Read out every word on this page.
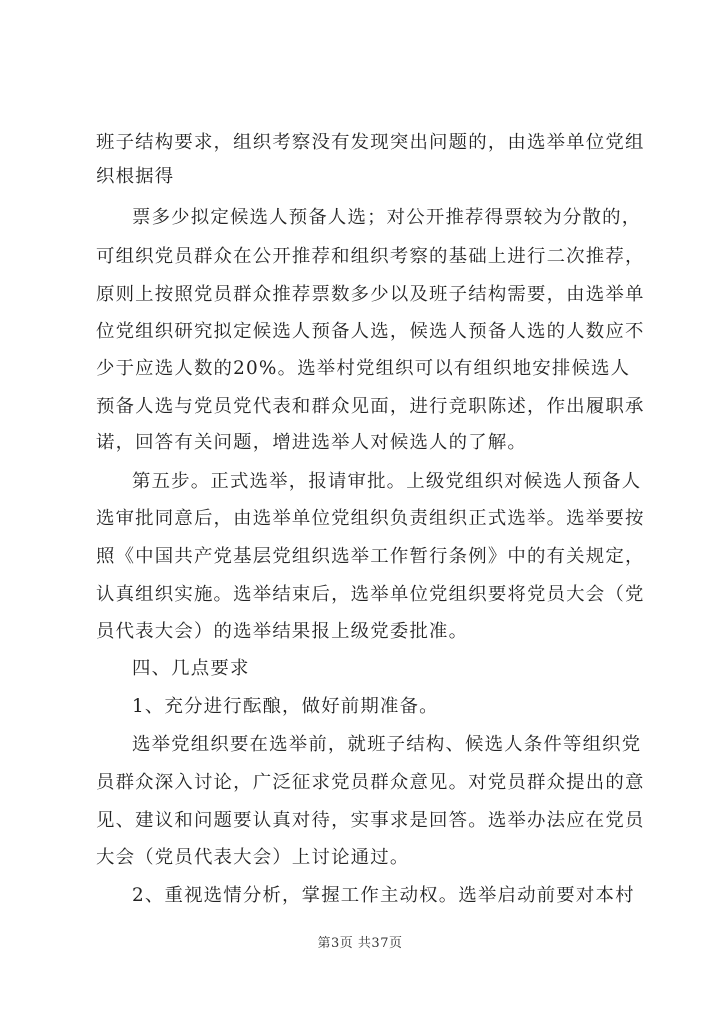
班子结构要求，组织考察没有发现突出问题的，由选举单位党组
织根据得
票多少拟定候选人预备人选；对公开推荐得票较为分散的，
可组织党员群众在公开推荐和组织考察的基础上进行二次推荐，
原则上按照党员群众推荐票数多少以及班子结构需要，由选举单
位党组织研究拟定候选人预备人选，候选人预备人选的人数应不
少于应选人数的20%。选举村党组织可以有组织地安排候选人
预备人选与党员党代表和群众见面，进行竞职陈述，作出履职承
诺，回答有关问题，增进选举人对候选人的了解。
第五步。正式选举，报请审批。上级党组织对候选人预备人
选审批同意后，由选举单位党组织负责组织正式选举。选举要按
照《中国共产党基层党组织选举工作暂行条例》中的有关规定，
认真组织实施。选举结束后，选举单位党组织要将党员大会（党
员代表大会）的选举结果报上级党委批准。
四、几点要求
1、充分进行酝酿，做好前期准备。
选举党组织要在选举前，就班子结构、候选人条件等组织党
员群众深入讨论，广泛征求党员群众意见。对党员群众提出的意
见、建议和问题要认真对待，实事求是回答。选举办法应在党员
大会（党员代表大会）上讨论通过。
2、重视选情分析，掌握工作主动权。选举启动前要对本村
第3页 共37页
